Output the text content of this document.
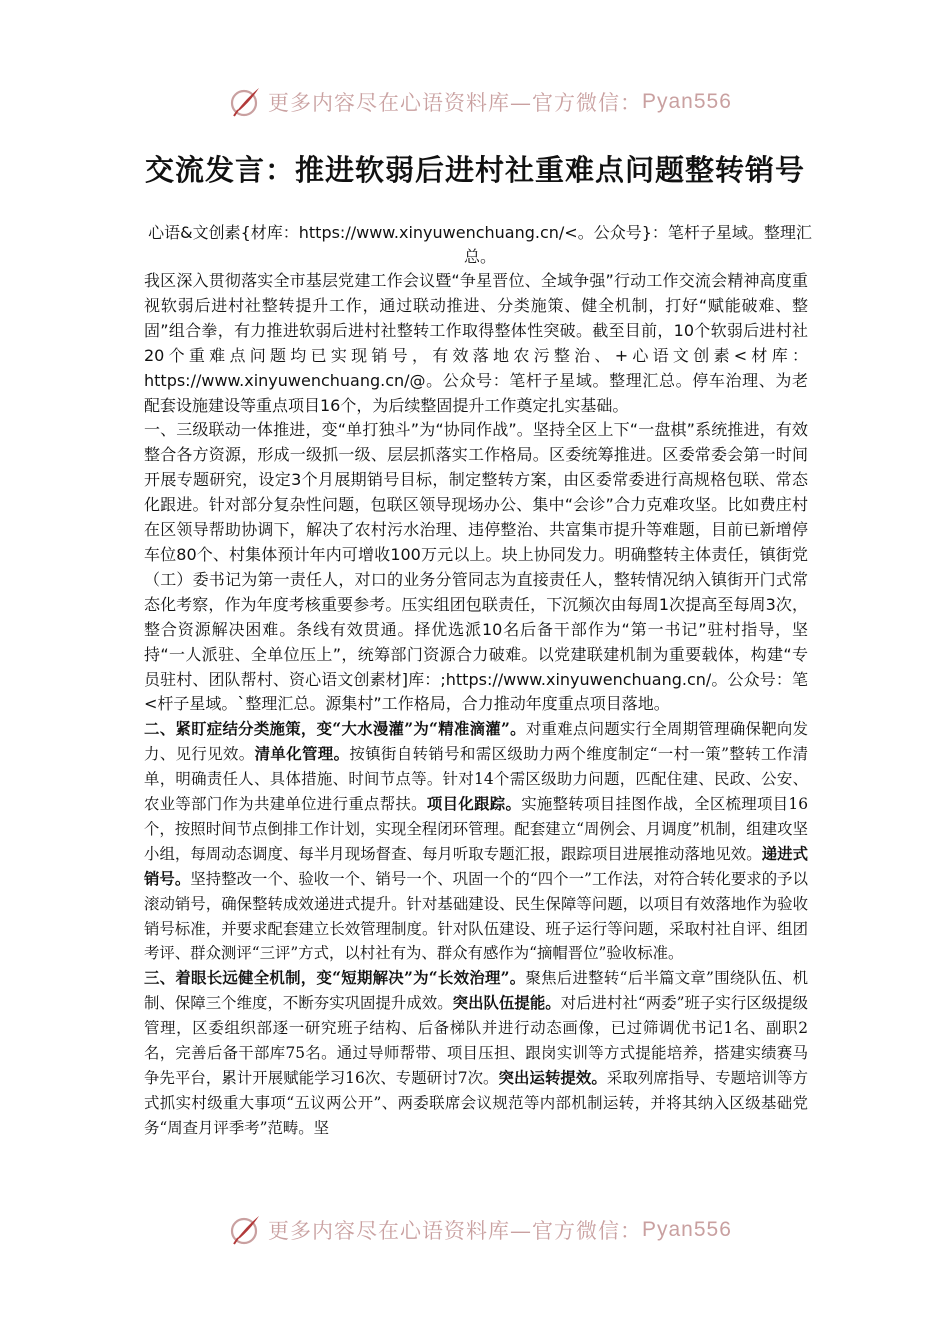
更多内容尽在心语资料库—官方微信： Pyan556
交流发言：推进软弱后进村社重难点问题整转销号
心语&文创素{材库：https://www.xinyuwenchuang.cn/<。公众号}：笔杆子星域。整理汇总。

我区深入贯彻落实全市基层党建工作会议暨“争星晋位、全域争强”行动工作交流会精神高度重视软弱后进村社整转提升工作，通过联动推进、分类施策、健全机制，打好“赋能破难、整固”组合拳，有力推进软弱后进村社整转工作取得整体性突破。截至目前，10个软弱后进村社20个重难点问题均已实现销号，有效落地农污整治、+心语文创素<材库：https://www.xinyuwenchuang.cn/@。公众号：笔杆子星域。整理汇总。停车治理、为老配套设施建设等重点项目16个，为后续整固提升工作奠定扎实基础。

一、三级联动一体推进，变“单打独斗”为“协同作战”。坚持全区上下“一盘棋”系统推进，有效整合各方资源，形成一级抓一级、层层抓落实工作格局。区委统筹推进。区委常委会第一时间开展专题研究，设定3个月展期销号目标，制定整转方案，由区委常委进行高规格包联、常态化跟进。针对部分复杂性问题，包联区领导现场办公、集中“会诊”合力克难攻坚。比如费庄村在区领导帮助协调下，解决了农村污水治理、违停整治、共富集市提升等难题，目前已新增停车位80个、村集体预计年内可增收100万元以上。块上协同发力。明确整转主体责任，镇街党（工）委书记为第一责任人，对口的业务分管同志为直接责任人，整转情况纳入镇街开门式常态化考察，作为年度考核重要参考。压实组团包联责任，下沉频次由每周1次提高至每周3次，整合资源解决困难。条线有效贯通。择优选派10名后备干部作为“第一书记”驻村指导，坚持“一人派驻、全单位压上”，统筹部门资源合力破难。以党建联建机制为重要载体，构建“专员驻村、团队帮村、资心语文创素材]库：;https://www.xinyuwenchuang.cn/。公众号：笔<杆子星域。`整理汇总。源集村”工作格局，合力推动年度重点项目落地。

二、紧盯症结分类施策，变“大水漫灌”为“精准滴灌”。对重难点问题实行全周期管理确保靶向发力、见行见效。清单化管理。按镇街自转销号和需区级助力两个维度制定“一村一策”整转工作清单，明确责任人、具体措施、时间节点等。针对14个需区级助力问题，匹配住建、民政、公安、农业等部门作为共建单位进行重点帮扶。项目化跟踪。实施整转项目挂图作战，全区梳理项目16个，按照时间节点倒排工作计划，实现全程闭环管理。配套建立“周例会、月调度”机制，组建攻坚小组，每周动态调度、每半月现场督查、每月听取专题汇报，跟踪项目进展推动落地见效。递进式销号。坚持整改一个、验收一个、销号一个、巩固一个的“四个一”工作法，对符合转化要求的予以滚动销号，确保整转成效递进式提升。针对基础建设、民生保障等问题，以项目有效落地作为验收销号标准，并要求配套建立长效管理制度。针对队伍建设、班子运行等问题，采取村社自评、组团考评、群众测评“三评”方式，以村社有为、群众有感作为“摘帽晋位”验收标准。

三、着眼长远健全机制，变“短期解决”为“长效治理”。聚焦后进整转“后半篇文章”围绕队伍、机制、保障三个维度，不断夯实巩固提升成效。突出队伍提能。对后进村社“两委”班子实行区级提级管理，区委组织部逐一研究班子结构、后备梯队并进行动态画像，已过筛调优书记1名、副职2名，完善后备干部库75名。通过导师帮带、项目压担、跟岗实训等方式提能培养，搭建实绩赛马争先平台，累计开展赋能学习16次、专题研讨7次。突出运转提效。采取列席指导、专题培训等方式抓实村级重大事项“五议两公开”、两委联席会议规范等内部机制运转，并将其纳入区级基础党务“周查月评季考”范畴。坚

更多内容尽在心语资料库—官方微信： Pyan556
